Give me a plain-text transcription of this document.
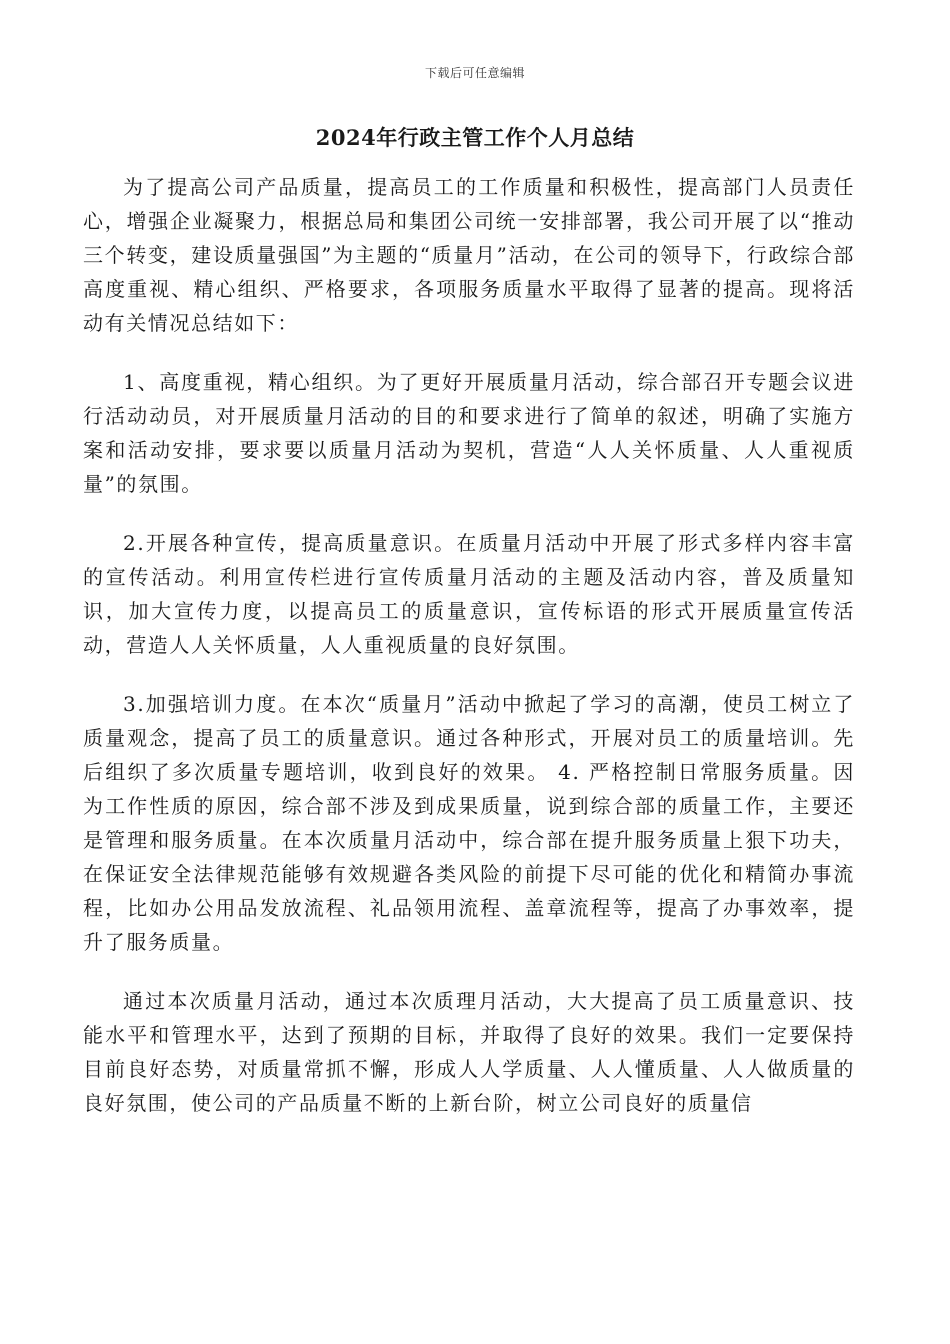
下载后可任意编辑
2024年行政主管工作个人月总结

为了提高公司产品质量，提高员工的工作质量和积极性，提高部门人员责任心，增强企业凝聚力，根据总局和集团公司统一安排部署，我公司开展了以“推动三个转变，建设质量强国”为主题的“质量月”活动，在公司的领导下，行政综合部高度重视、精心组织、严格要求，各项服务质量水平取得了显著的提高。现将活动有关情况总结如下：

1、高度重视，精心组织。为了更好开展质量月活动，综合部召开专题会议进行活动动员，对开展质量月活动的目的和要求进行了简单的叙述，明确了实施方案和活动安排，要求要以质量月活动为契机，营造“人人关怀质量、人人重视质量”的氛围。

2.开展各种宣传，提高质量意识。在质量月活动中开展了形式多样内容丰富的宣传活动。利用宣传栏进行宣传质量月活动的主题及活动内容，普及质量知识，加大宣传力度，以提高员工的质量意识，宣传标语的形式开展质量宣传活动，营造人人关怀质量，人人重视质量的良好氛围。

3.加强培训力度。在本次“质量月”活动中掀起了学习的高潮，使员工树立了质量观念，提高了员工的质量意识。通过各种形式，开展对员工的质量培训。先后组织了多次质量专题培训，收到良好的效果。 4. 严格控制日常服务质量。因为工作性质的原因，综合部不涉及到成果质量，说到综合部的质量工作，主要还是管理和服务质量。在本次质量月活动中，综合部在提升服务质量上狠下功夫，在保证安全法律规范能够有效规避各类风险的前提下尽可能的优化和精简办事流程，比如办公用品发放流程、礼品领用流程、盖章流程等，提高了办事效率，提升了服务质量。

通过本次质量月活动，通过本次质理月活动，大大提高了员工质量意识、技能水平和管理水平，达到了预期的目标，并取得了良好的效果。我们一定要保持目前良好态势，对质量常抓不懈，形成人人学质量、人人懂质量、人人做质量的良好氛围，使公司的产品质量不断的上新台阶，树立公司良好的质量信
